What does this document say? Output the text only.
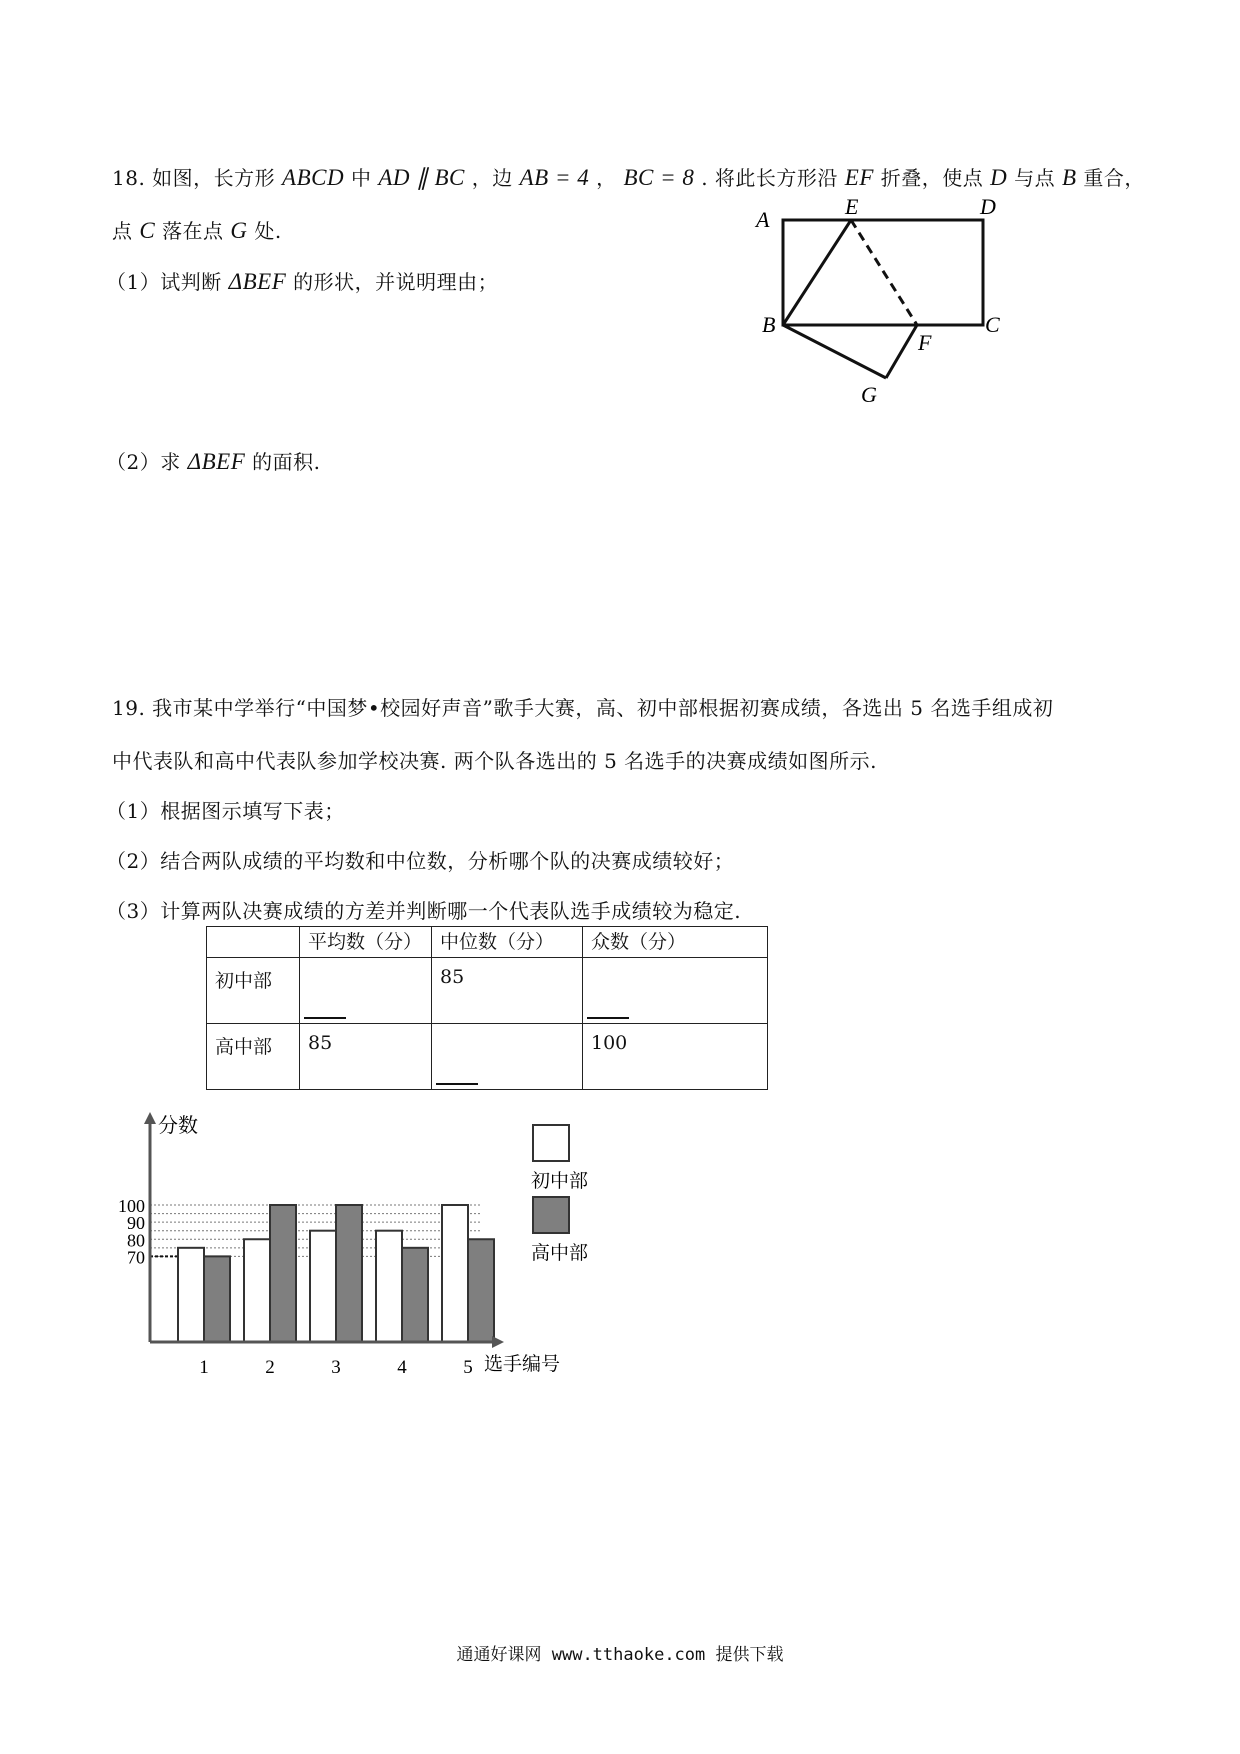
18. 如图，长方形 ABCD 中 AD ∥ BC ，边 AB = 4 ， BC = 8 . 将此长方形沿 EF 折叠，使点 D 与点 B 重合，
点 C 落在点 G 处.
（1）试判断 ΔBEF 的形状，并说明理由；
（2）求 ΔBEF 的面积.
A
E	D
B	C
F
G
19. 我市某中学举行“中国梦•校园好声音”歌手大赛，高、初中部根据初赛成绩，各选出 5 名选手组成初
中代表队和高中代表队参加学校决赛. 两个队各选出的 5 名选手的决赛成绩如图所示.
（1）根据图示填写下表；
（2）结合两队成绩的平均数和中位数，分析哪个队的决赛成绩较好；
（3）计算两队决赛成绩的方差并判断哪一个代表队选手成绩较为稳定.
	平均数（分）	中位数（分）	众数（分）
初中部		85	

高中部	85		100
70
80
90
100
1	2	3	4	5
分数
选手编号
初中部
高中部
通通好课网 www.tthaoke.com 提供下载
